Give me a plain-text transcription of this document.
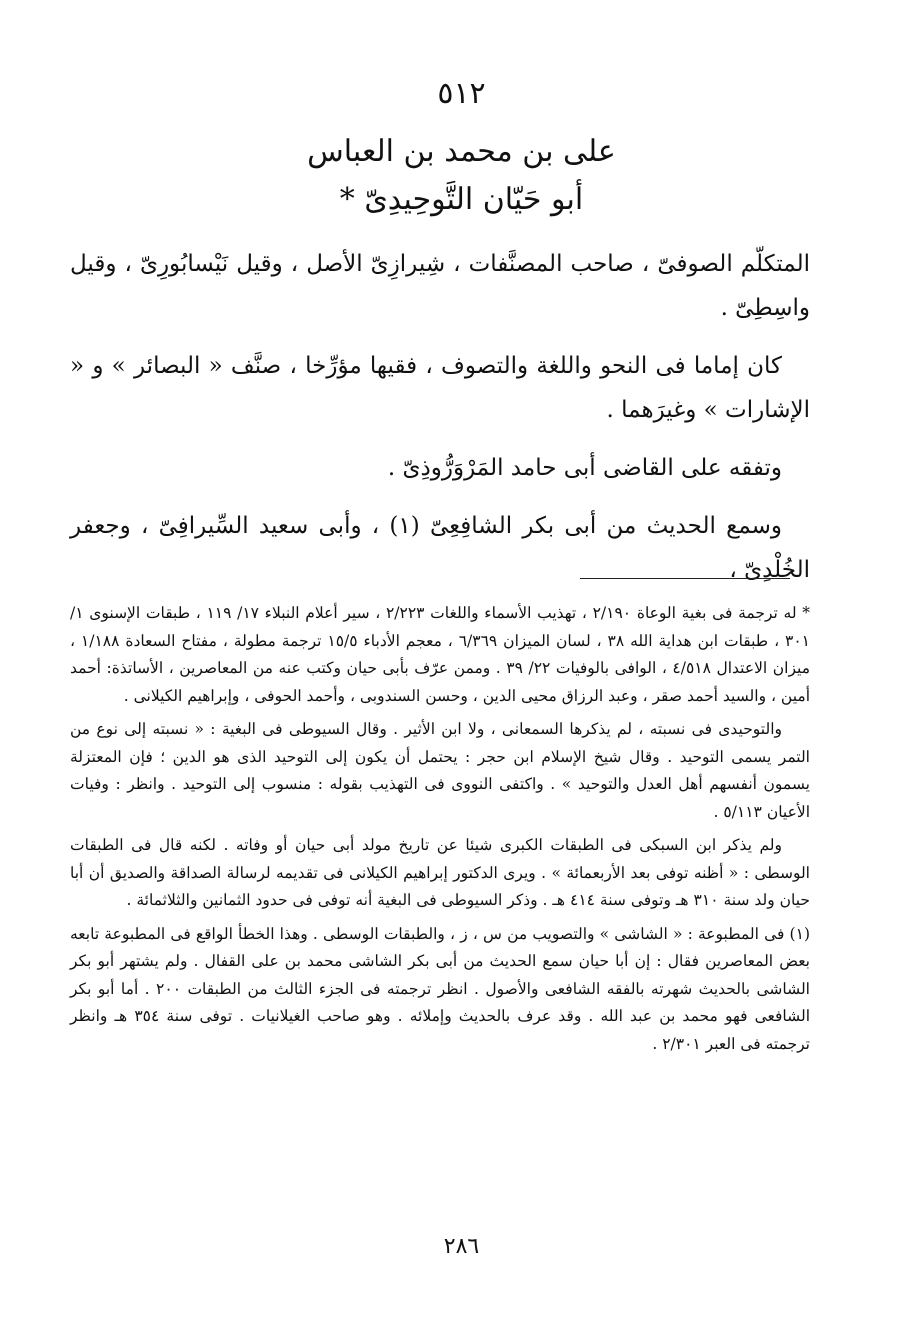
٥١٢
على بن محمد بن العباس
أبو حَيّان التَّوحِيدِىّ *

المتكلّم الصوفىّ ، صاحب المصنَّفات ، شِيرازِىّ الأصل ، وقيل نَيْسابُورِىّ ، وقيل واسِطِىّ .

كان إماما فى النحو واللغة والتصوف ، فقيها مؤرِّخا ، صنَّف « البصائر » و « الإشارات » وغيرَهما .

وتفقه على القاضى أبى حامد المَرْوَرُّوذِىّ .

وسمع الحديث من أبى بكر الشافِعِىّ (١) ، وأبى سعيد السِّيرافِىّ ، وجعفر الخُلْدِىّ ،

* له ترجمة فى بغية الوعاة ٢/١٩٠ ، تهذيب الأسماء واللغات ٢/٢٢٣ ، سير أعلام النبلاء ١٧/ ١١٩ ، طبقات الإسنوى ١/ ٣٠١ ، طبقات ابن هداية الله ٣٨ ، لسان الميزان ٦/٣٦٩ ، معجم الأدباء ١٥/٥ ترجمة مطولة ، مفتاح السعادة ١/١٨٨ ، ميزان الاعتدال ٤/٥١٨ ، الوافى بالوفيات ٢٢/ ٣٩ . وممن عرّف بأبى حيان وكتب عنه من المعاصرين ، الأساتذة: أحمد أمين ، والسيد أحمد صقر ، وعبد الرزاق محيى الدين ، وحسن السندوبى ، وأحمد الحوفى ، وإبراهيم الكيلانى .

والتوحيدى فى نسبته ، لم يذكرها السمعانى ، ولا ابن الأثير . وقال السيوطى فى البغية : « نسبته إلى نوع من التمر يسمى التوحيد . وقال شيخ الإسلام ابن حجر : يحتمل أن يكون إلى التوحيد الذى هو الدين ؛ فإن المعتزلة يسمون أنفسهم أهل العدل والتوحيد » . واكتفى النووى فى التهذيب بقوله : منسوب إلى التوحيد . وانظر : وفيات الأعيان ٥/١١٣ .

ولم يذكر ابن السبكى فى الطبقات الكبرى شيئا عن تاريخ مولد أبى حيان أو وفاته . لكنه قال فى الطبقات الوسطى : « أظنه توفى بعد الأربعمائة » . ويرى الدكتور إبراهيم الكيلانى فى تقديمه لرسالة الصداقة والصديق أن أبا حيان ولد سنة ٣١٠ هـ وتوفى سنة ٤١٤ هـ . وذكر السيوطى فى البغية أنه توفى فى حدود الثمانين والثلاثمائة .

(١) فى المطبوعة : « الشاشى » والتصويب من س ، ز ، والطبقات الوسطى . وهذا الخطأ الواقع فى المطبوعة تابعه بعض المعاصرين فقال : إن أبا حيان سمع الحديث من أبى بكر الشاشى محمد بن على القفال . ولم يشتهر أبو بكر الشاشى بالحديث شهرته بالفقه الشافعى والأصول . انظر ترجمته فى الجزء الثالث من الطبقات ٢٠٠ . أما أبو بكر الشافعى فهو محمد بن عبد الله . وقد عرف بالحديث وإملائه . وهو صاحب الغيلانيات . توفى سنة ٣٥٤ هـ وانظر ترجمته فى العبر ٢/٣٠١ .

٢٨٦
